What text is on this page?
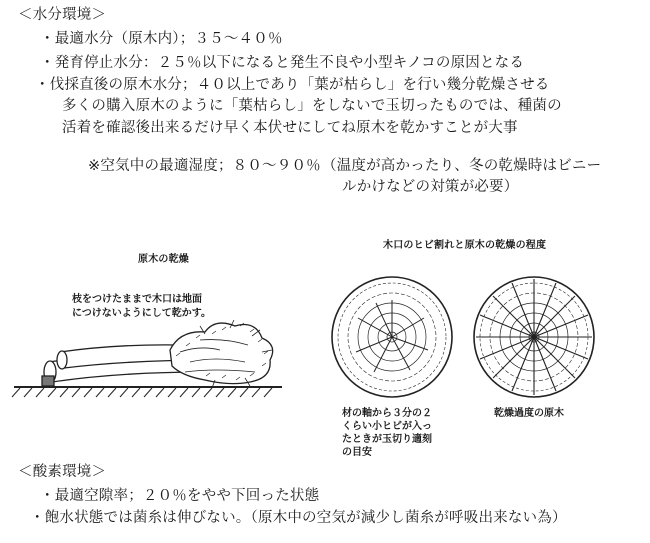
＜水分環境＞
・最適水分（原木内）；３５～４０％
・発育停止水分：２５％以下になると発生不良や小型キノコの原因となる
・伐採直後の原木水分；４０以上であり「葉が枯らし」を行い幾分乾燥させる
多くの購入原木のように「葉枯らし」をしないで玉切ったものでは、種菌の
活着を確認後出来るだけ早く本伏せにしてね原木を乾かすことが大事
※空気中の最適湿度；８０～９０％ （温度が高かったり、冬の乾燥時はビニー
ルかけなどの対策が必要）
原木の乾燥
枝をつけたままで木口は地面
につけないようにして乾かす。
木口のヒビ割れと原木の乾燥の程度
材の軸から３分の２
くらい小ヒビが入っ
たときが玉切り適刻
の目安
乾燥過度の原木
＜酸素環境＞
・最適空隙率；２０％をやや下回った状態
・飽水状態では菌糸は伸びない。（原木中の空気が減少し菌糸が呼吸出来ない為）
